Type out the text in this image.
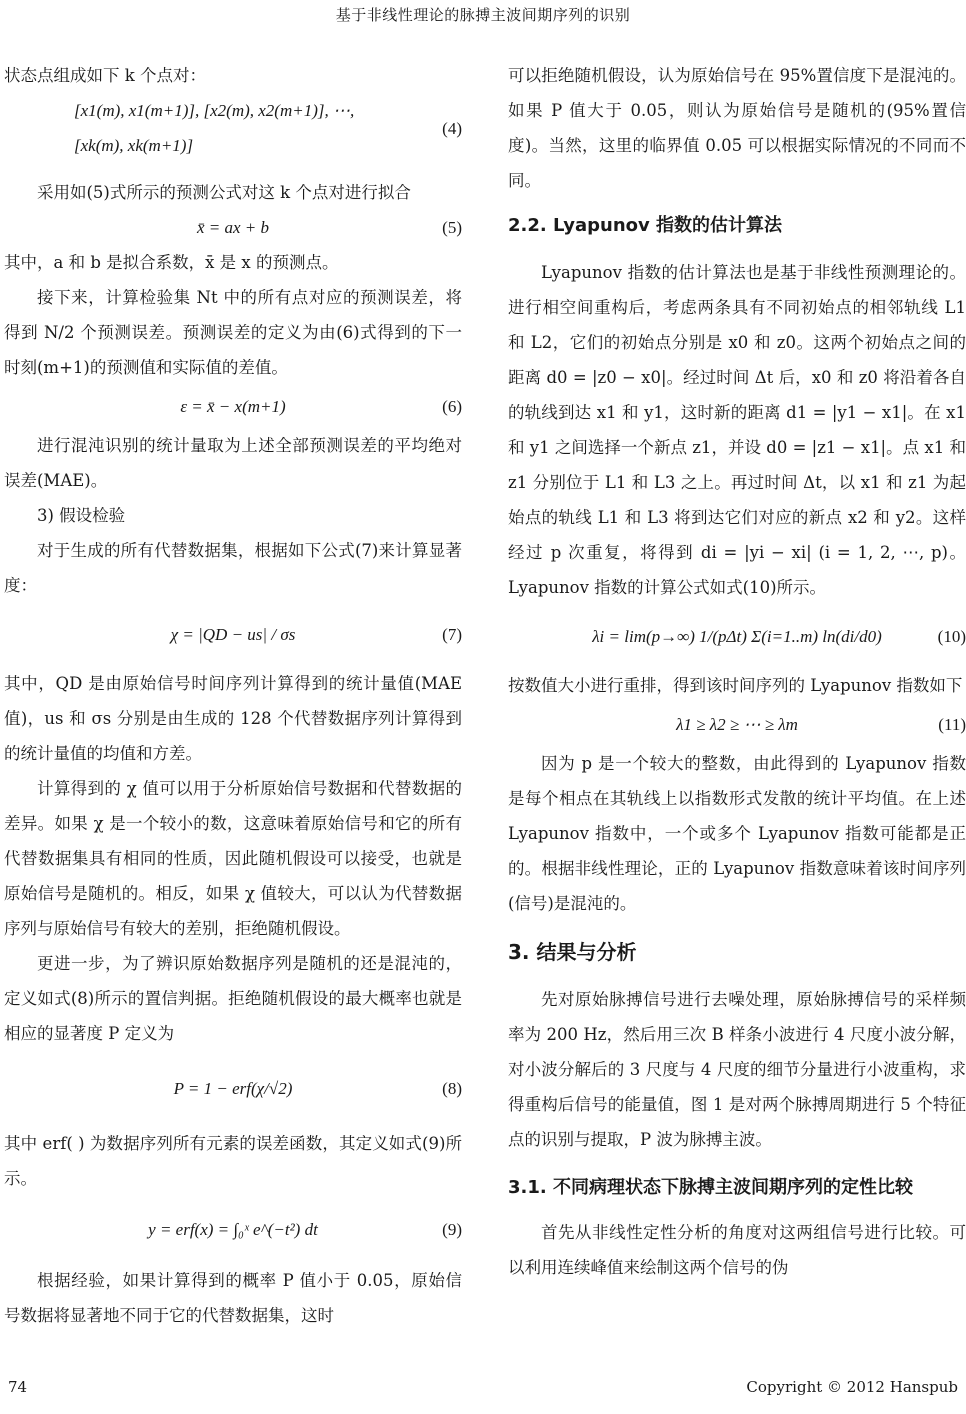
基于非线性理论的脉搏主波间期序列的识别

状态点组成如下 k 个点对：

[x1(m), x1(m+1)], [x2(m), x2(m+1)], ⋯,
[xk(m), xk(m+1)]
(4)

采用如(5)式所示的预测公式对这 k 个点对进行拟合

x̄ = ax + b	(5)

其中，a 和 b 是拟合系数，x̄ 是 x 的预测点。

接下来，计算检验集 Nt 中的所有点对应的预测误差，将得到 N/2 个预测误差。预测误差的定义为由(6)式得到的下一时刻(m+1)的预测值和实际值的差值。

ε = x̄ − x(m+1)	(6)

进行混沌识别的统计量取为上述全部预测误差的平均绝对误差(MAE)。

3) 假设检验

对于生成的所有代替数据集，根据如下公式(7)来计算显著度：

χ = |QD − us| / σs	(7)

其中，QD 是由原始信号时间序列计算得到的统计量值(MAE 值)，us 和 σs 分别是由生成的 128 个代替数据序列计算得到的统计量值的均值和方差。

计算得到的 χ 值可以用于分析原始信号数据和代替数据的差异。如果 χ 是一个较小的数，这意味着原始信号和它的所有代替数据集具有相同的性质，因此随机假设可以接受，也就是原始信号是随机的。相反，如果 χ 值较大，可以认为代替数据序列与原始信号有较大的差别，拒绝随机假设。

更进一步，为了辨识原始数据序列是随机的还是混沌的，定义如式(8)所示的置信判据。拒绝随机假设的最大概率也就是相应的显著度 P 定义为

P = 1 − erf(χ/√2)	(8)

其中 erf( ) 为数据序列所有元素的误差函数，其定义如式(9)所示。

y = erf(x) = ∫₀ˣ e^(−t²) dt	(9)

根据经验，如果计算得到的概率 P 值小于 0.05，原始信号数据将显著地不同于它的代替数据集，这时

可以拒绝随机假设，认为原始信号在 95%置信度下是混沌的。如果 P 值大于 0.05，则认为原始信号是随机的(95%置信度)。当然，这里的临界值 0.05 可以根据实际情况的不同而不同。

2.2. Lyapunov 指数的估计算法

Lyapunov 指数的估计算法也是基于非线性预测理论的。进行相空间重构后，考虑两条具有不同初始点的相邻轨线 L1 和 L2，它们的初始点分别是 x0 和 z0。这两个初始点之间的距离 d0 = |z0 − x0|。经过时间 Δt 后，x0 和 z0 将沿着各自的轨线到达 x1 和 y1，这时新的距离 d1 = |y1 − x1|。在 x1 和 y1 之间选择一个新点 z1，并设 d0 = |z1 − x1|。点 x1 和 z1 分别位于 L1 和 L3 之上。再过时间 Δt，以 x1 和 z1 为起始点的轨线 L1 和 L3 将到达它们对应的新点 x2 和 y2。这样经过 p 次重复，将得到 di = |yi − xi| (i = 1, 2, ⋯, p)。Lyapunov 指数的计算公式如式(10)所示。

λi = lim(p→∞) 1/(pΔt) Σ(i=1..m) ln(di/d0)	(10)

按数值大小进行重排，得到该时间序列的 Lyapunov 指数如下

λ1 ≥ λ2 ≥ ⋯ ≥ λm	(11)

因为 p 是一个较大的整数，由此得到的 Lyapunov 指数是每个相点在其轨线上以指数形式发散的统计平均值。在上述 Lyapunov 指数中，一个或多个 Lyapunov 指数可能都是正的。根据非线性理论，正的 Lyapunov 指数意味着该时间序列(信号)是混沌的。

3. 结果与分析

先对原始脉搏信号进行去噪处理，原始脉搏信号的采样频率为 200 Hz，然后用三次 B 样条小波进行 4 尺度小波分解，对小波分解后的 3 尺度与 4 尺度的细节分量进行小波重构，求得重构后信号的能量值，图 1 是对两个脉搏周期进行 5 个特征点的识别与提取，P 波为脉搏主波。

3.1. 不同病理状态下脉搏主波间期序列的定性比较

首先从非线性定性分析的角度对这两组信号进行比较。可以利用连续峰值来绘制这两个信号的伪

74	Copyright © 2012 Hanspub
